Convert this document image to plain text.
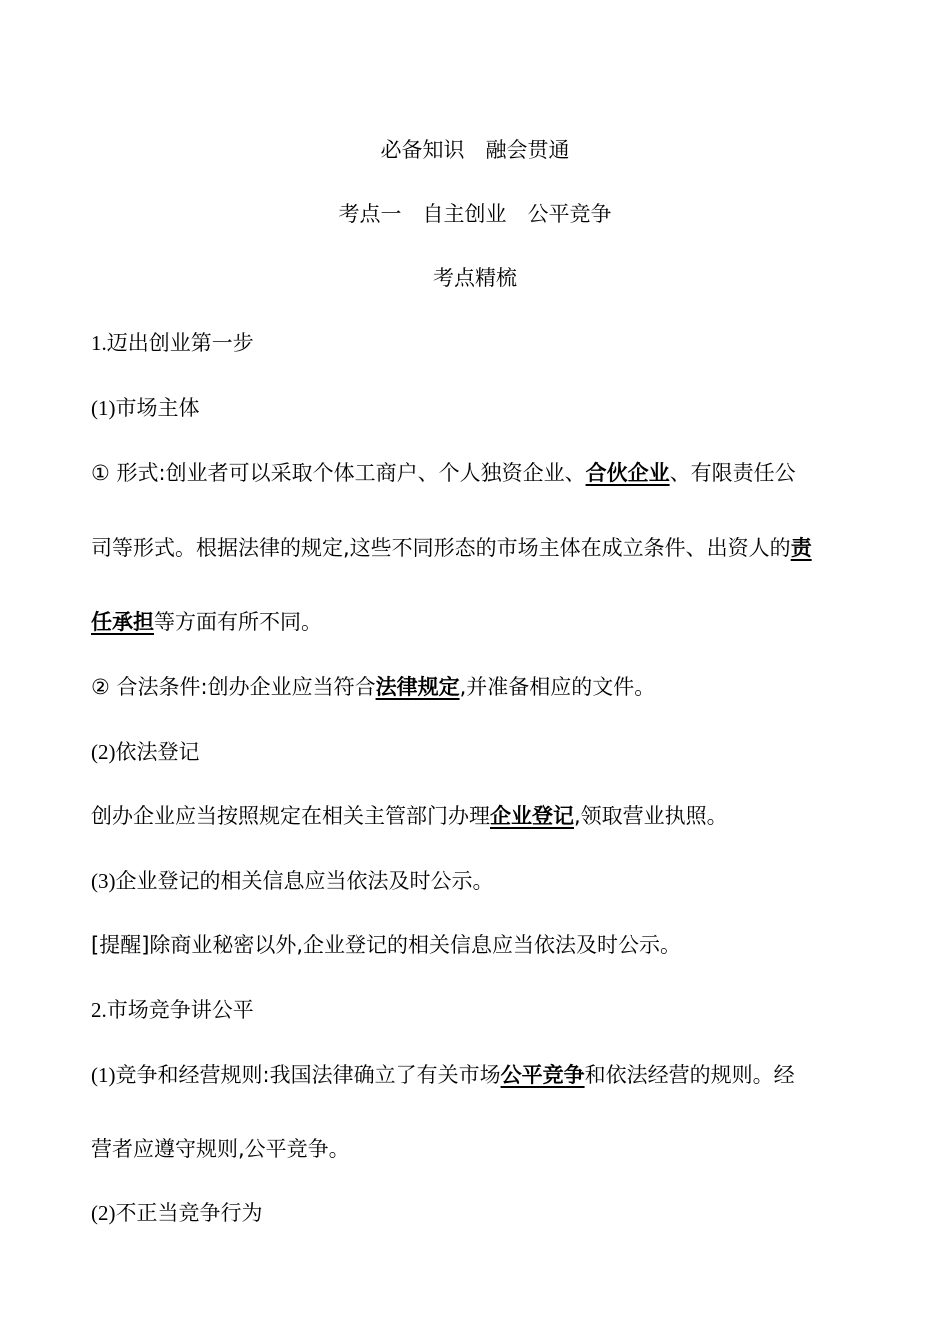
必备知识　融会贯通
考点一　自主创业　公平竞争
考点精梳
1.迈出创业第一步
(1)市场主体
① 形式:创业者可以采取个体工商户、个人独资企业、合伙企业、有限责任公
司等形式。根据法律的规定,这些不同形态的市场主体在成立条件、出资人的责
任承担等方面有所不同。
② 合法条件:创办企业应当符合法律规定,并准备相应的文件。
(2)依法登记
创办企业应当按照规定在相关主管部门办理企业登记,领取营业执照。
(3)企业登记的相关信息应当依法及时公示。
[提醒]除商业秘密以外,企业登记的相关信息应当依法及时公示。
2.市场竞争讲公平
(1)竞争和经营规则:我国法律确立了有关市场公平竞争和依法经营的规则。经
营者应遵守规则,公平竞争。
(2)不正当竞争行为
